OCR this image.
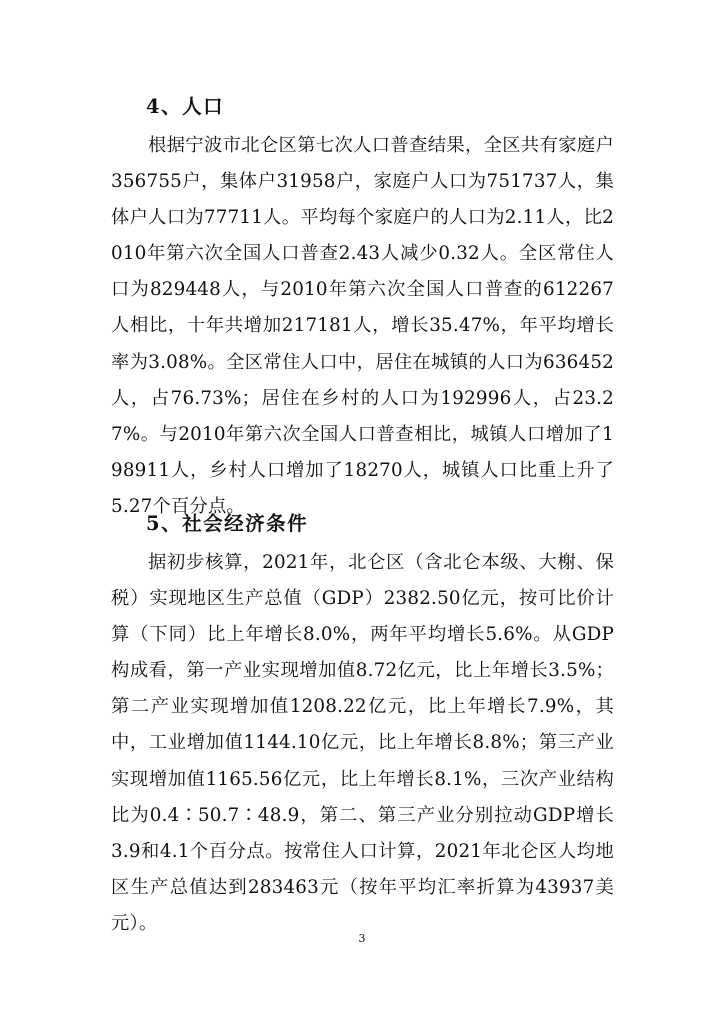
4、人口

根据宁波市北仑区第七次人口普查结果，全区共有家庭户356755户，集体户31958户，家庭户人口为751737人，集体户人口为77711人。平均每个家庭户的人口为2.11人，比2010年第六次全国人口普查2.43人减少0.32人。全区常住人口为829448人，与2010年第六次全国人口普查的612267人相比，十年共增加217181人，增长35.47%，年平均增长率为3.08%。全区常住人口中，居住在城镇的人口为636452人，占76.73%；居住在乡村的人口为192996人，占23.27%。与2010年第六次全国人口普查相比，城镇人口增加了198911人，乡村人口增加了18270人，城镇人口比重上升了5.27个百分点。

5、社会经济条件

据初步核算，2021年，北仑区（含北仑本级、大榭、保税）实现地区生产总值（GDP）2382.50亿元，按可比价计算（下同）比上年增长8.0%，两年平均增长5.6%。从GDP构成看，第一产业实现增加值8.72亿元，比上年增长3.5%；第二产业实现增加值1208.22亿元，比上年增长7.9%，其中，工业增加值1144.10亿元，比上年增长8.8%；第三产业实现增加值1165.56亿元，比上年增长8.1%，三次产业结构比为0.4∶50.7∶48.9，第二、第三产业分别拉动GDP增长3.9和4.1个百分点。按常住人口计算，2021年北仑区人均地区生产总值达到283463元（按年平均汇率折算为43937美元）。

3
